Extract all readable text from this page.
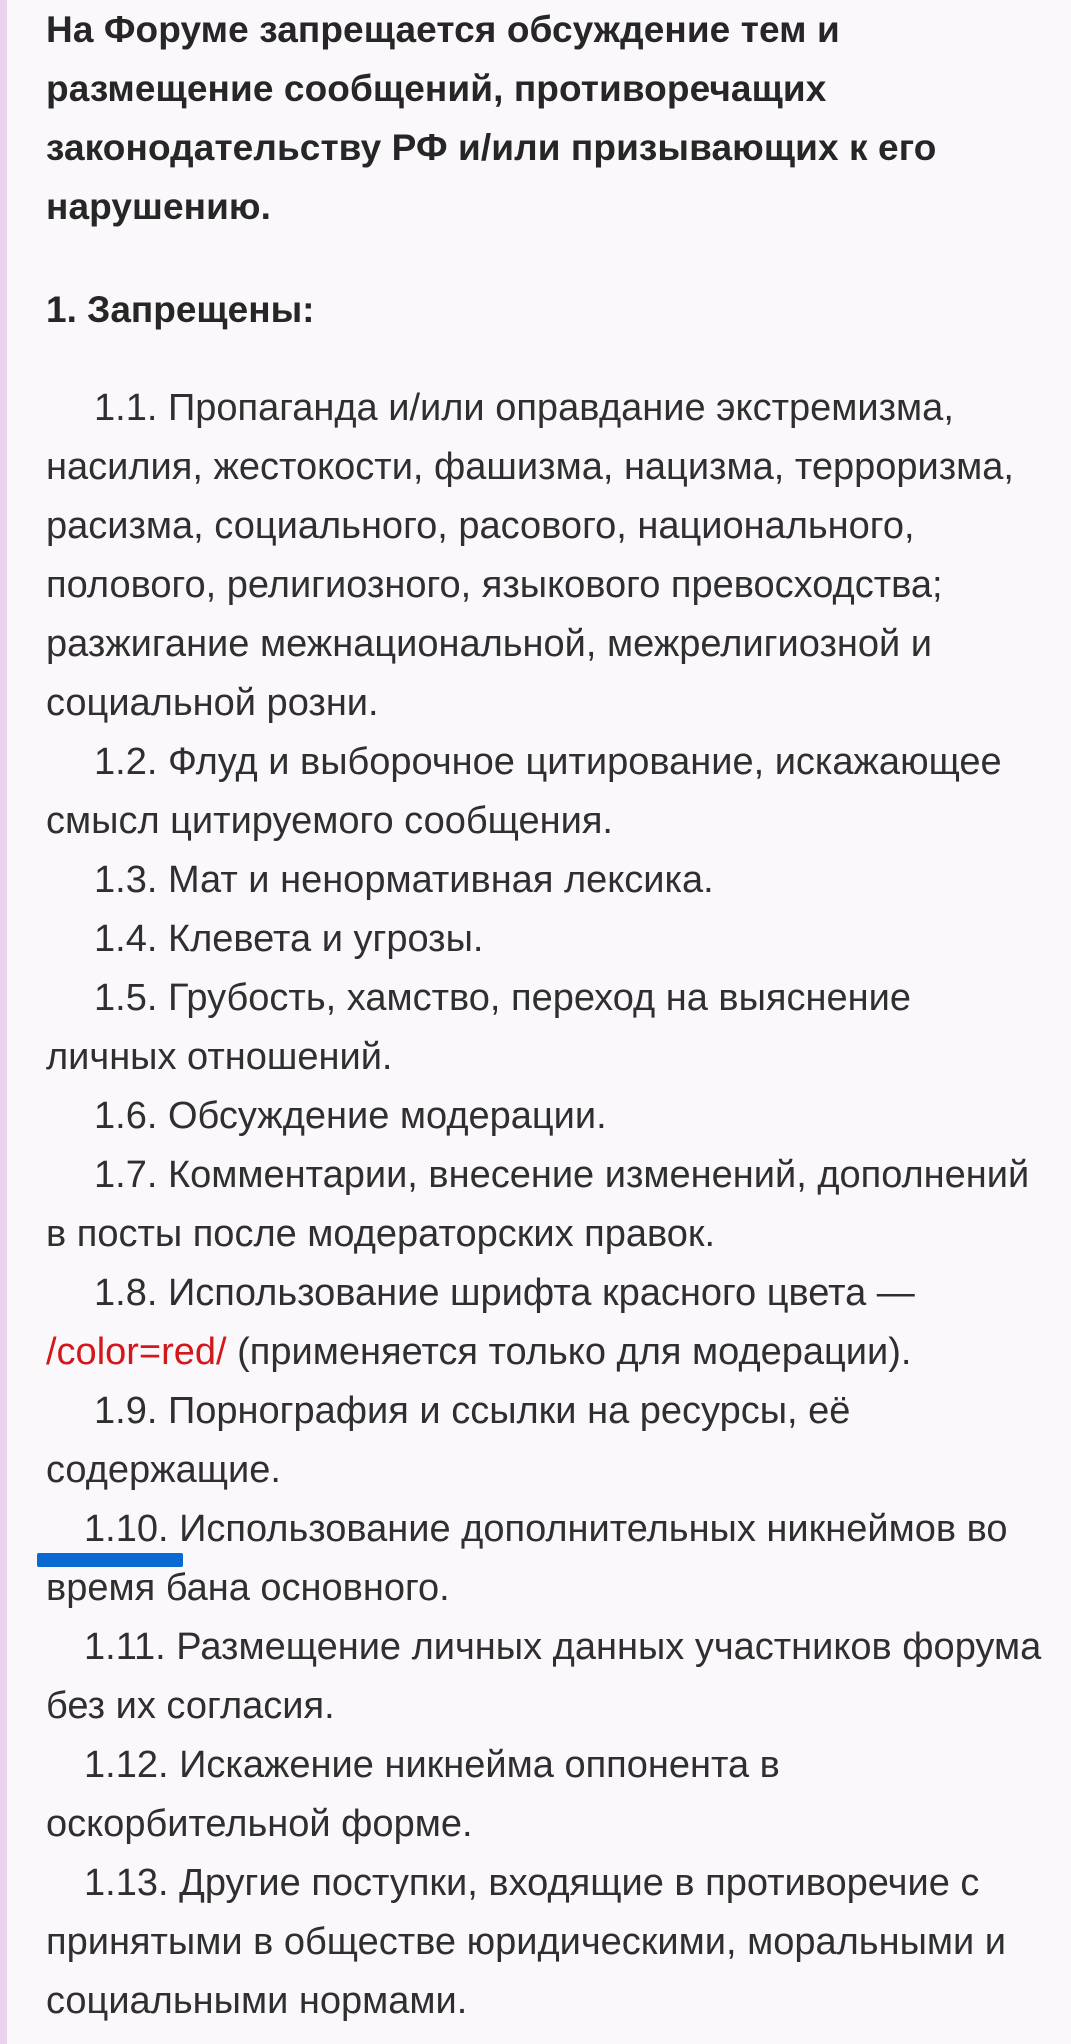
На Форуме запрещается обсуждение тем и размещение сообщений, противоречащих законодательству РФ и/или призывающих к его нарушению.

1. Запрещены:

1.1. Пропаганда и/или оправдание экстремизма, насилия, жестокости, фашизма, нацизма, терроризма, расизма, социального, расового, национального, полового, религиозного, языкового превосходства; разжигание межнациональной, межрелигиозной и социальной розни.

1.2. Флуд и выборочное цитирование, искажающее смысл цитируемого сообщения.

1.3. Мат и ненормативная лексика.

1.4. Клевета и угрозы.

1.5. Грубость, хамство, переход на выяснение личных отношений.

1.6. Обсуждение модерации.

1.7. Комментарии, внесение изменений, дополнений в посты после модераторских правок.

1.8. Использование шрифта красного цвета —
/color=red/ (применяется только для модерации).

1.9. Порнография и ссылки на ресурсы, её содержащие.

1.10. Использование дополнительных никнеймов во время бана основного.

1.11. Размещение личных данных участников форума без их согласия.

1.12. Искажение никнейма оппонента в оскорбительной форме.

1.13. Другие поступки, входящие в противоречие с принятыми в обществе юридическими, моральными и социальными нормами.
